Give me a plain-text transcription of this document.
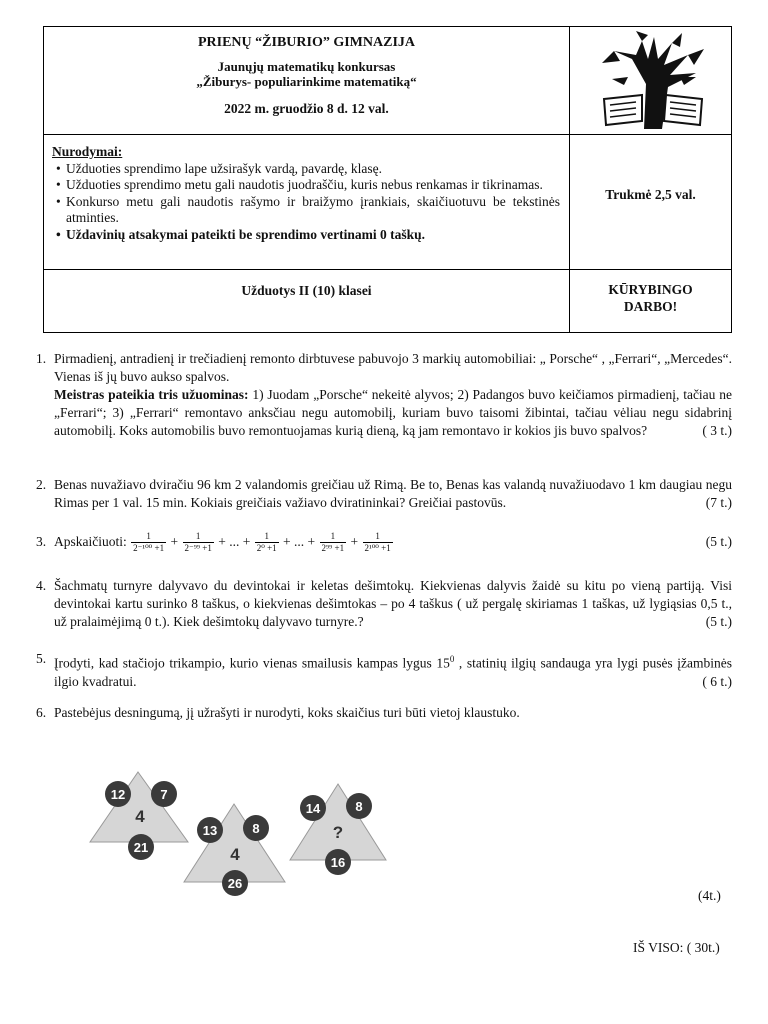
PRIENŲ “ŽIBURIO” GIMNAZIJA
Jaunųjų matematikų konkursas
„Žiburys- populiarinkime matematiką“
2022 m. gruodžio 8 d. 12 val.
Nurodymai:
• Užduoties sprendimo lape užsirašyk vardą, pavardę, klasę.
• Užduoties sprendimo metu gali naudotis juodraščiu, kuris nebus renkamas ir tikrinamas.
• Konkurso metu gali naudotis rašymo ir braižymo įrankiais, skaičiuotuvu be tekstinės atminties.
• Uždavinių atsakymai pateikti be sprendimo vertinami 0 taškų.
Trukmė 2,5 val.
Užduotys II (10) klasei	KŪRYBINGO
DARBO!
1. Pirmadienį, antradienį ir trečiadienį remonto dirbtuvese pabuvojo 3 markių automobiliai: „ Porsche“ , „Ferrari“, „Mercedes“. Vienas iš jų buvo aukso spalvos.
Meistras pateikia tris užuominas: 1) Juodam „Porsche“ nekeitė alyvos; 2) Padangos buvo keičiamos pirmadienį, tačiau ne „Ferrari“; 3) „Ferrari“ remontavo anksčiau negu automobilį, kuriam buvo taisomi žibintai, tačiau vėliau negu sidabrinį automobilį. Koks automobilis buvo remontuojamas kurią dieną, ką jam remontavo ir kokios jis buvo spalvos?	( 3 t.)
2. Benas nuvažiavo dviračiu 96 km 2 valandomis greičiau už Rimą. Be to, Benas kas valandą nuvažiuodavo 1 km daugiau negu Rimas per 1 val. 15 min. Kokiais greičiais važiavo dviratininkai? Greičiai pastovūs.	(7 t.)
3. Apskaičiuoti: $\frac{1}{\text{2⁻¹⁰⁰ +1}} + \frac{1}{\text{2⁻⁹⁹ +1}}$ + ... + $\frac{1}{\text{2⁰ +1}}$ + ... + $\frac{1}{\text{2⁹⁹ +1}} + \frac{1}{\text{2¹⁰⁰ +1}}$	(5 t.)
4. Šachmatų turnyre dalyvavo du devintokai ir keletas dešimtokų. Kiekvienas dalyvis žaidė su kitu po vieną partiją. Visi devintokai kartu surinko 8 taškus, o kiekvienas dešimtokas – po 4 taškus ( už pergalę skiriamas 1 taškas, už lygiąsias 0,5 t., už pralaimėjimą 0 t.). Kiek dešimtokų dalyvavo turnyre.?	(5 t.)
5. Įrodyti, kad stačiojo trikampio, kurio vienas smailusis kampas lygus $15^0$ , statinių ilgių sandauga yra lygi pusės įžambinės ilgio kvadratui.	( 6 t.)
6. Pastebėjus desningumą, jį užrašyti ir nurodyti, koks skaičius turi būti vietoj klaustuko.
4
12	7
21	4
13	8
26
?
14	8
16
(4t.)
IŠ VISO: ( 30t.)
